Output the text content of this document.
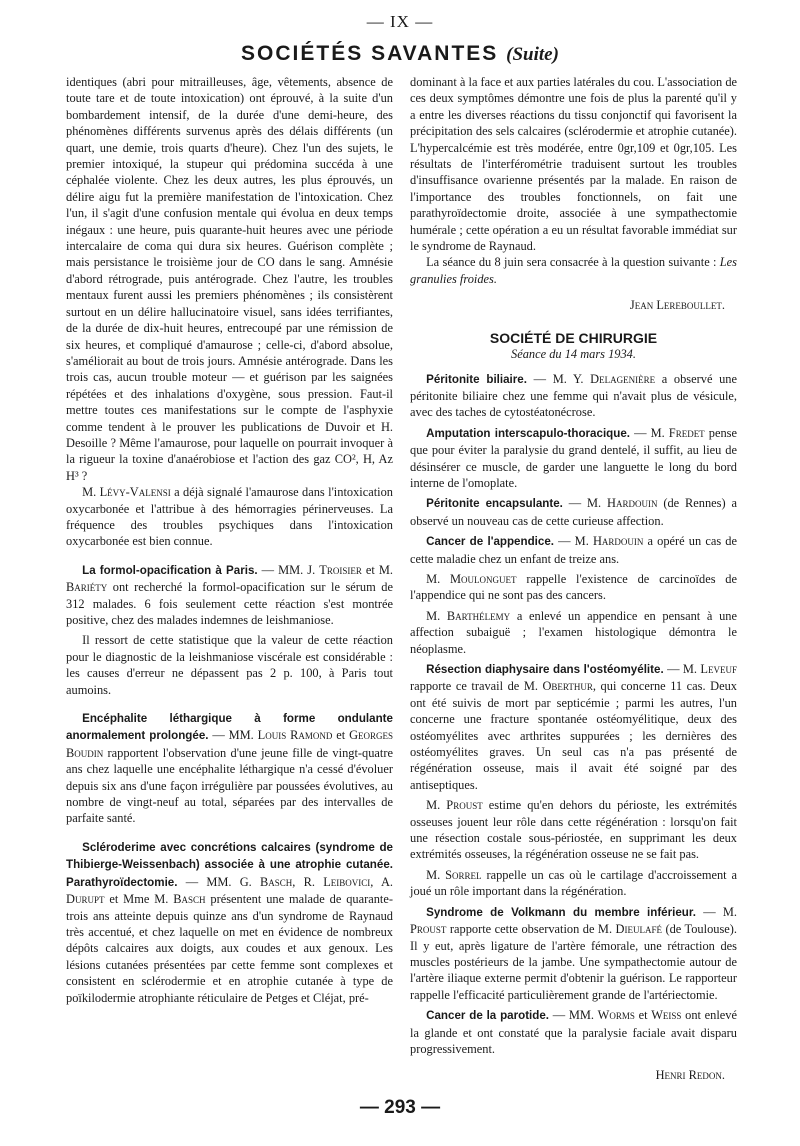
— IX —
SOCIÉTÉS SAVANTES (Suite)

identiques (abri pour mitrailleuses, âge, vêtements, absence de toute tare et de toute intoxication) ont éprouvé, à la suite d'un bombardement intensif, de la durée d'une demi-heure, des phénomènes différents survenus après des délais différents (un quart, une demie, trois quarts d'heure). Chez l'un des sujets, le premier intoxiqué, la stupeur qui prédomina succéda à une céphalée violente. Chez les deux autres, les plus éprouvés, un délire aigu fut la première manifestation de l'intoxication. Chez l'un, il s'agit d'une confusion mentale qui évolua en deux temps inégaux : une heure, puis quarante-huit heures avec une période intercalaire de coma qui dura six heures. Guérison complète ; mais persistance le troisième jour de CO dans le sang. Amnésie d'abord rétrograde, puis antérograde. Chez l'autre, les troubles mentaux furent aussi les premiers phénomènes ; ils consistèrent surtout en un délire hallucinatoire visuel, sans idées terrifiantes, de la durée de dix-huit heures, entrecoupé par une rémission de six heures, et compliqué d'amaurose ; celle-ci, d'abord absolue, s'améliorait au bout de trois jours. Amnésie antérograde. Dans les trois cas, aucun trouble moteur — et guérison par les saignées répétées et des inhalations d'oxygène, sous pression. Faut-il mettre toutes ces manifestations sur le compte de l'asphyxie comme tendent à le prouver les publications de Duvoir et H. Desoille ? Même l'amaurose, pour laquelle on pourrait invoquer à la rigueur la toxine d'anaérobiose et l'action des gaz CO², H, Az H³ ?

M. Lévy-Valensi a déjà signalé l'amaurose dans l'intoxication oxycarbonée et l'attribue à des hémorragies périnerveuses. La fréquence des troubles psychiques dans l'intoxication oxycarbonée est bien connue.

La formol-opacification à Paris. — MM. J. Troisier et M. Bariéty ont recherché la formol-opacification sur le sérum de 312 malades. 6 fois seulement cette réaction s'est montrée positive, chez des malades indemnes de leishmaniose.

Il ressort de cette statistique que la valeur de cette réaction pour le diagnostic de la leishmaniose viscérale est considérable : les causes d'erreur ne dépassent pas 2 p. 100, à Paris tout aumoins.

Encéphalite léthargique à forme ondulante anormalement prolongée. — MM. Louis Ramond et Georges Boudin rapportent l'observation d'une jeune fille de vingt-quatre ans chez laquelle une encéphalite léthargique n'a cessé d'évoluer depuis six ans d'une façon irrégulière par poussées évolutives, au nombre de vingt-neuf au total, séparées par des intervalles de parfaite santé.

Scléroderime avec concrétions calcaires (syndrome de Thibierge-Weissenbach) associée à une atrophie cutanée. Parathyroïdectomie. — MM. G. Basch, R. Leibovici, A. Durupt et Mme M. Basch présentent une malade de quarante-trois ans atteinte depuis quinze ans d'un syndrome de Raynaud très accentué, et chez laquelle on met en évidence de nombreux dépôts calcaires aux doigts, aux coudes et aux genoux. Les lésions cutanées présentées par cette femme sont complexes et consistent en sclérodermie et en atrophie cutanée à type de poïkilodermie atrophiante réticulaire de Petges et Cléjat, pré-

dominant à la face et aux parties latérales du cou. L'association de ces deux symptômes démontre une fois de plus la parenté qu'il y a entre les diverses réactions du tissu conjonctif qui favorisent la précipitation des sels calcaires (sclérodermie et atrophie cutanée). L'hypercalcémie est très modérée, entre 0gr,109 et 0gr,105. Les résultats de l'interférométrie traduisent surtout les troubles d'insuffisance ovarienne présentés par la malade. En raison de l'importance des troubles fonctionnels, on fait une parathyroïdectomie droite, associée à une sympathectomie humérale ; cette opération a eu un résultat favorable immédiat sur le syndrome de Raynaud.

La séance du 8 juin sera consacrée à la question suivante : Les granulies froides.

Jean Lereboullet.

SOCIÉTÉ DE CHIRURGIE
Séance du 14 mars 1934.

Péritonite biliaire. — M. Y. Delagenière a observé une péritonite biliaire chez une femme qui n'avait plus de vésicule, avec des taches de cytostéatonécrose.

Amputation interscapulo-thoracique. — M. Fredet pense que pour éviter la paralysie du grand dentelé, il suffit, au lieu de désinsérer ce muscle, de garder une languette le long du bord interne de l'omoplate.

Péritonite encapsulante. — M. Hardouin (de Rennes) a observé un nouveau cas de cette curieuse affection.

Cancer de l'appendice. — M. Hardouin a opéré un cas de cette maladie chez un enfant de treize ans.

M. Moulonguet rappelle l'existence de carcinoïdes de l'appendice qui ne sont pas des cancers.

M. Barthélemy a enlevé un appendice en pensant à une affection subaiguë ; l'examen histologique démontra le néoplasme.

Résection diaphysaire dans l'ostéomyélite. — M. Leveuf rapporte ce travail de M. Oberthur, qui concerne 11 cas. Deux ont été suivis de mort par septicémie ; parmi les autres, l'un concerne une fracture spontanée ostéomyélitique, deux des ostéomyélites avec arthrites suppurées ; les dernières des ostéomyélites graves. Un seul cas n'a pas présenté de régénération osseuse, mais il avait été soigné par des antiseptiques.

M. Proust estime qu'en dehors du périoste, les extrémités osseuses jouent leur rôle dans cette régénération : lorsqu'on fait une résection costale sous-périostée, en supprimant les deux extrémités osseuses, la régénération osseuse ne se fait pas.

M. Sorrel rappelle un cas où le cartilage d'accroissement a joué un rôle important dans la régénération.

Syndrome de Volkmann du membre inférieur. — M. Proust rapporte cette observation de M. Dieulafé (de Toulouse). Il y eut, après ligature de l'artère fémorale, une rétraction des muscles postérieurs de la jambe. Une sympathectomie autour de l'artère iliaque externe permit d'obtenir la guérison. Le rapporteur rappelle l'efficacité particulièrement grande de l'artériectomie.

Cancer de la parotide. — MM. Worms et Weiss ont enlevé la glande et ont constaté que la paralysie faciale avait disparu progressivement.

Henri Redon.

— 293 —
